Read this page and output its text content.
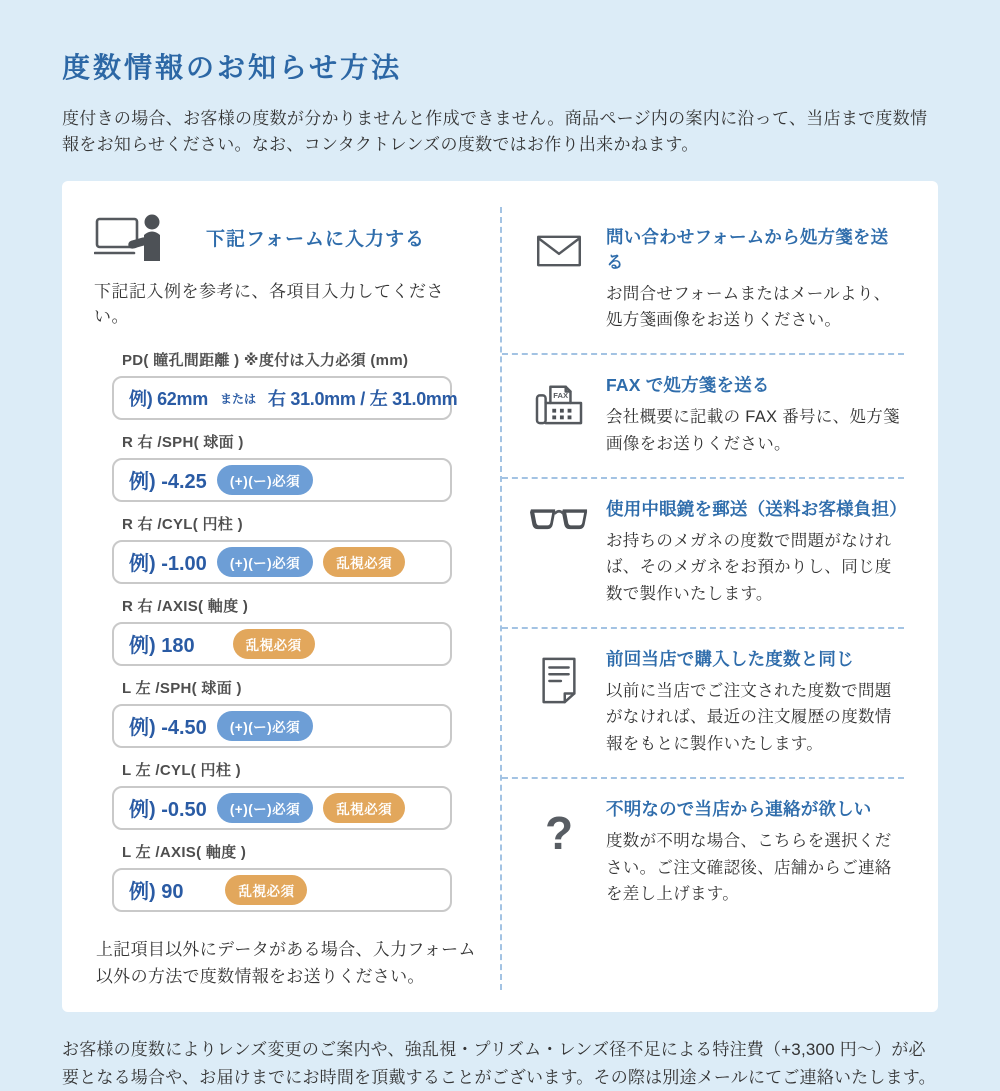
度数情報のお知らせ方法

度付きの場合、お客様の度数が分かりませんと作成できません。商品ページ内の案内に沿って、当店まで度数情報をお知らせください。なお、コンタクトレンズの度数ではお作り出来かねます。

下記フォームに入力する

下記記入例を参考に、各項目入力してください。

PD( 瞳孔間距離 ) ※度付は入力必須 (mm)
例) 62mm または 右 31.0mm / 左 31.0mm
R 右 /SPH( 球面 )
例) -4.25	(+)(ー)必須
R 右 /CYL( 円柱 )
例) -1.00	(+)(ー)必須	乱視必須
R 右 /AXIS( 軸度 )
例) 180	乱視必須
L 左 /SPH( 球面 )
例) -4.50	(+)(ー)必須
L 左 /CYL( 円柱 )
例) -0.50	(+)(ー)必須	乱視必須
L 左 /AXIS( 軸度 )
例) 90	乱視必須

上記項目以外にデータがある場合、入力フォーム以外の方法で度数情報をお送りください。

問い合わせフォームから処方箋を送る
お問合せフォームまたはメールより、処方箋画像をお送りください。
FAX
FAX で処方箋を送る
会社概要に記載の FAX 番号に、処方箋画像をお送りください。
使用中眼鏡を郵送（送料お客様負担）
お持ちのメガネの度数で問題がなければ、そのメガネをお預かりし、同じ度数で製作いたします。
前回当店で購入した度数と同じ
以前に当店でご注文された度数で問題がなければ、最近の注文履歴の度数情報をもとに製作いたします。
? 不明なので当店から連絡が欲しい
度数が不明な場合、こちらを選択ください。ご注文確認後、店舗からご連絡を差し上げます。

お客様の度数によりレンズ変更のご案内や、強乱視・プリズム・レンズ径不足による特注費（+3,300 円～）が必要となる場合や、お届けまでにお時間を頂戴することがございます。その際は別途メールにてご連絡いたします。
